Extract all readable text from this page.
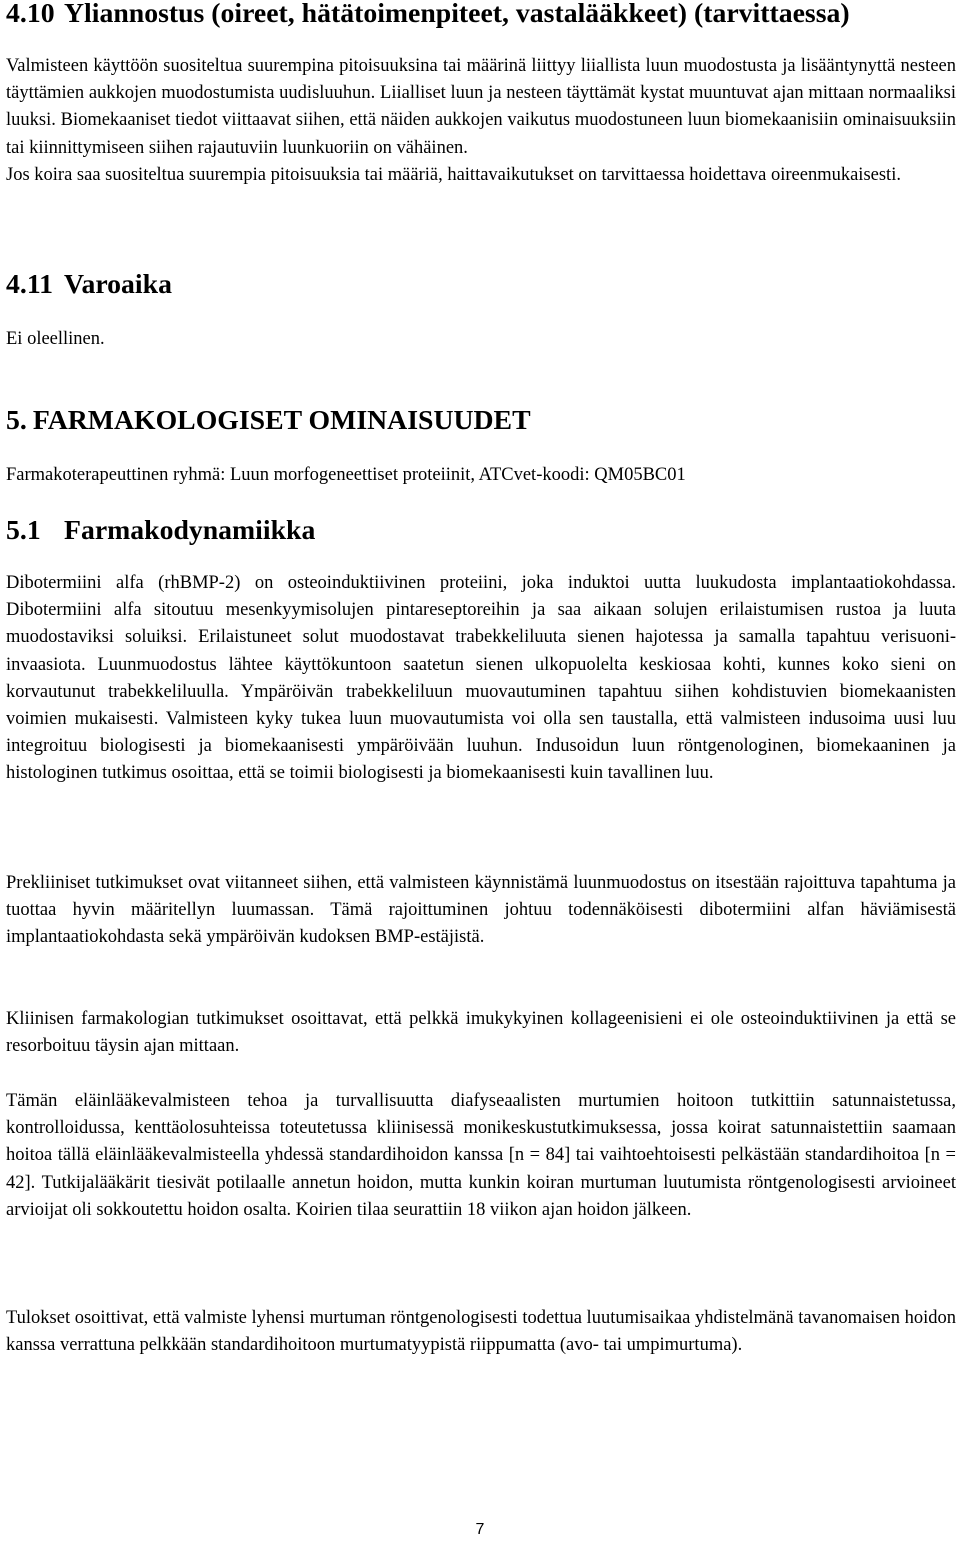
4.10 Yliannostus (oireet, hätätoimenpiteet, vastalääkkeet) (tarvittaessa)

Valmisteen käyttöön suositeltua suurempina pitoisuuksina tai määrinä liittyy liiallista luun muodostusta ja lisääntynyttä nesteen täyttämien aukkojen muodostumista uudisluuhun. Liialliset luun ja nesteen täyttämät kystat muuntuvat ajan mittaan normaaliksi luuksi. Biomekaaniset tiedot viittaavat siihen, että näiden aukkojen vaikutus muodostuneen luun biomekaanisiin ominaisuuksiin tai kiinnittymiseen siihen rajautuviin luunkuoriin on vähäinen.

Jos koira saa suositeltua suurempia pitoisuuksia tai määriä, haittavaikutukset on tarvittaessa hoidettava oireenmukaisesti.

4.11 Varoaika

Ei oleellinen.

5. FARMAKOLOGISET OMINAISUUDET

Farmakoterapeuttinen ryhmä: Luun morfogeneettiset proteiinit, ATCvet-koodi: QM05BC01

5.1 Farmakodynamiikka

Dibotermiini alfa (rhBMP-2) on osteoinduktiivinen proteiini, joka induktoi uutta luukudosta implantaatiokohdassa. Dibotermiini alfa sitoutuu mesenkyymisolujen pintareseptoreihin ja saa aikaan solujen erilaistumisen rustoa ja luuta muodostaviksi soluiksi. Erilaistuneet solut muodostavat trabekkeliluuta sienen hajotessa ja samalla tapahtuu verisuoni-invaasiota. Luunmuodostus lähtee käyttökuntoon saatetun sienen ulkopuolelta keskiosaa kohti, kunnes koko sieni on korvautunut trabekkeliluulla. Ympäröivän trabekkeliluun muovautuminen tapahtuu siihen kohdistuvien biomekaanisten voimien mukaisesti. Valmisteen kyky tukea luun muovautumista voi olla sen taustalla, että valmisteen indusoima uusi luu integroituu biologisesti ja biomekaanisesti ympäröivään luuhun. Indusoidun luun röntgenologinen, biomekaaninen ja histologinen tutkimus osoittaa, että se toimii biologisesti ja biomekaanisesti kuin tavallinen luu.

Prekliiniset tutkimukset ovat viitanneet siihen, että valmisteen käynnistämä luunmuodostus on itsestään rajoittuva tapahtuma ja tuottaa hyvin määritellyn luumassan. Tämä rajoittuminen johtuu todennäköisesti dibotermiini alfan häviämisestä implantaatiokohdasta sekä ympäröivän kudoksen BMP-estäjistä.

Kliinisen farmakologian tutkimukset osoittavat, että pelkkä imukykyinen kollageenisieni ei ole osteoinduktiivinen ja että se resorboituu täysin ajan mittaan.

Tämän eläinlääkevalmisteen tehoa ja turvallisuutta diafyseaalisten murtumien hoitoon tutkittiin satunnaistetussa, kontrolloidussa, kenttäolosuhteissa toteutetussa kliinisessä monikeskustutkimuksessa, jossa koirat satunnaistettiin saamaan hoitoa tällä eläinlääkevalmisteella yhdessä standardihoidon kanssa [n = 84] tai vaihtoehtoisesti pelkästään standardihoitoa [n = 42]. Tutkijalääkärit tiesivät potilaalle annetun hoidon, mutta kunkin koiran murtuman luutumista röntgenologisesti arvioineet arvioijat oli sokkoutettu hoidon osalta. Koirien tilaa seurattiin 18 viikon ajan hoidon jälkeen.

Tulokset osoittivat, että valmiste lyhensi murtuman röntgenologisesti todettua luutumisaikaa yhdistelmänä tavanomaisen hoidon kanssa verrattuna pelkkään standardihoitoon murtumatyypistä riippumatta (avo- tai umpimurtuma).

7
